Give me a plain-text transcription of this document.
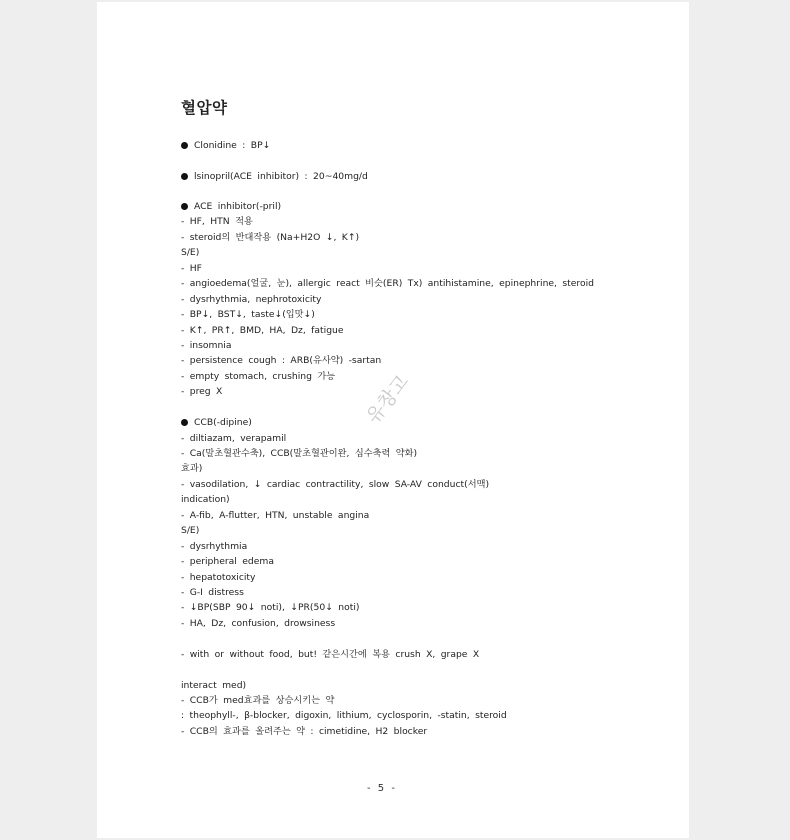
혈압약
Clonidine : BP↓
lsinopril(ACE inhibitor) : 20~40mg/d
ACE inhibitor(-pril)
- HF, HTN 적용
- steroid의 반대작용 (Na+H2O ↓, K↑)
S/E)
- HF
- angioedema(얼굴, 눈), allergic react 비슷(ER) Tx) antihistamine, epinephrine, steroid
- dysrhythmia, nephrotoxicity
- BP↓, BST↓, taste↓(입맛↓)
- K↑, PR↑, BMD, HA, Dz, fatigue
- insomnia
- persistence cough : ARB(유사약) -sartan
- empty stomach, crushing 가능
- preg X
CCB(-dipine)
- diltiazam, verapamil
- Ca(말초혈관수축), CCB(말초혈관이완, 심수축력 약화)
효과)
- vasodilation, ↓ cardiac contractility, slow SA-AV conduct(서맥)
indication)
- A-fib, A-flutter, HTN, unstable angina
S/E)
- dysrhythmia
- peripheral edema
- hepatotoxicity
- G-I distress
- ↓BP(SBP 90↓ noti), ↓PR(50↓ noti)
- HA, Dz, confusion, drowsiness
- with or without food, but! 같은시간에 복용 crush X, grape X
interact med)
- CCB가 med효과를 상승시키는 약
: theophyll-, β-blocker, digoxin, lithium, cyclosporin, -statin, steroid
- CCB의 효과를 올려주는 약 : cimetidine, H2 blocker
유창고
- 5 -
